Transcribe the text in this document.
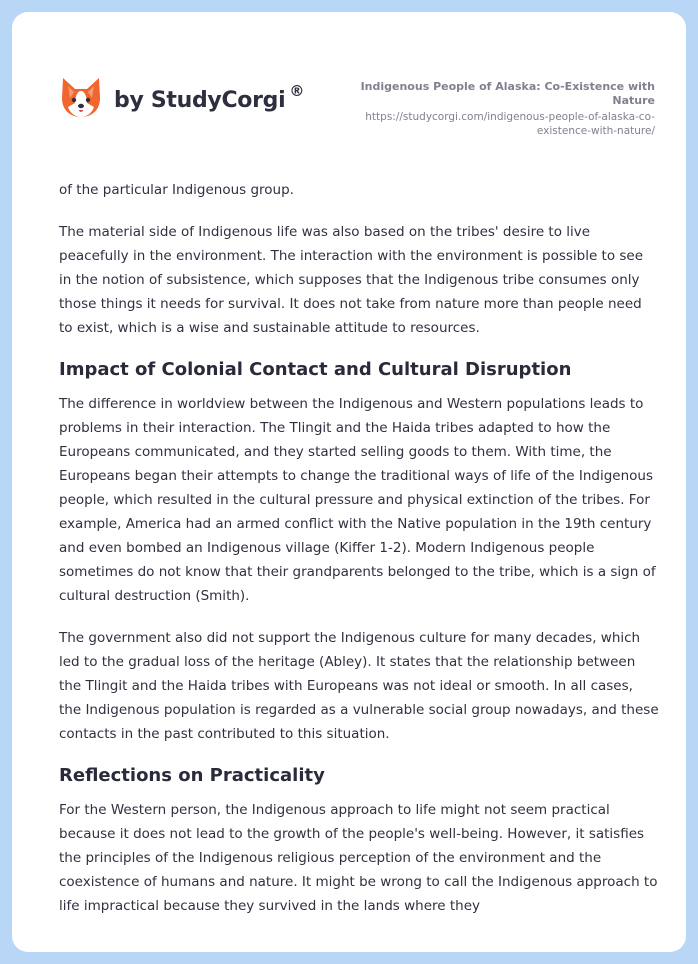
by StudyCorgi ®	Indigenous People of Alaska: Co-Existence with Nature
https://studycorgi.com/indigenous-people-of-alaska-co-
existence-with-nature/

of the particular Indigenous group.

The material side of Indigenous life was also based on the tribes' desire to live peacefully in the environment. The interaction with the environment is possible to see in the notion of subsistence, which supposes that the Indigenous tribe consumes only those things it needs for survival. It does not take from nature more than people need to exist, which is a wise and sustainable attitude to resources.

Impact of Colonial Contact and Cultural Disruption

The difference in worldview between the Indigenous and Western populations leads to problems in their interaction. The Tlingit and the Haida tribes adapted to how the Europeans communicated, and they started selling goods to them. With time, the Europeans began their attempts to change the traditional ways of life of the Indigenous people, which resulted in the cultural pressure and physical extinction of the tribes. For example, America had an armed conflict with the Native population in the 19th century and even bombed an Indigenous village (Kiffer 1-2). Modern Indigenous people sometimes do not know that their grandparents belonged to the tribe, which is a sign of cultural destruction (Smith).

The government also did not support the Indigenous culture for many decades, which led to the gradual loss of the heritage (Abley). It states that the relationship between the Tlingit and the Haida tribes with Europeans was not ideal or smooth. In all cases, the Indigenous population is regarded as a vulnerable social group nowadays, and these contacts in the past contributed to this situation.

Reflections on Practicality

For the Western person, the Indigenous approach to life might not seem practical because it does not lead to the growth of the people's well-being. However, it satisfies the principles of the Indigenous religious perception of the environment and the coexistence of humans and nature. It might be wrong to call the Indigenous approach to life impractical because they survived in the lands where they
